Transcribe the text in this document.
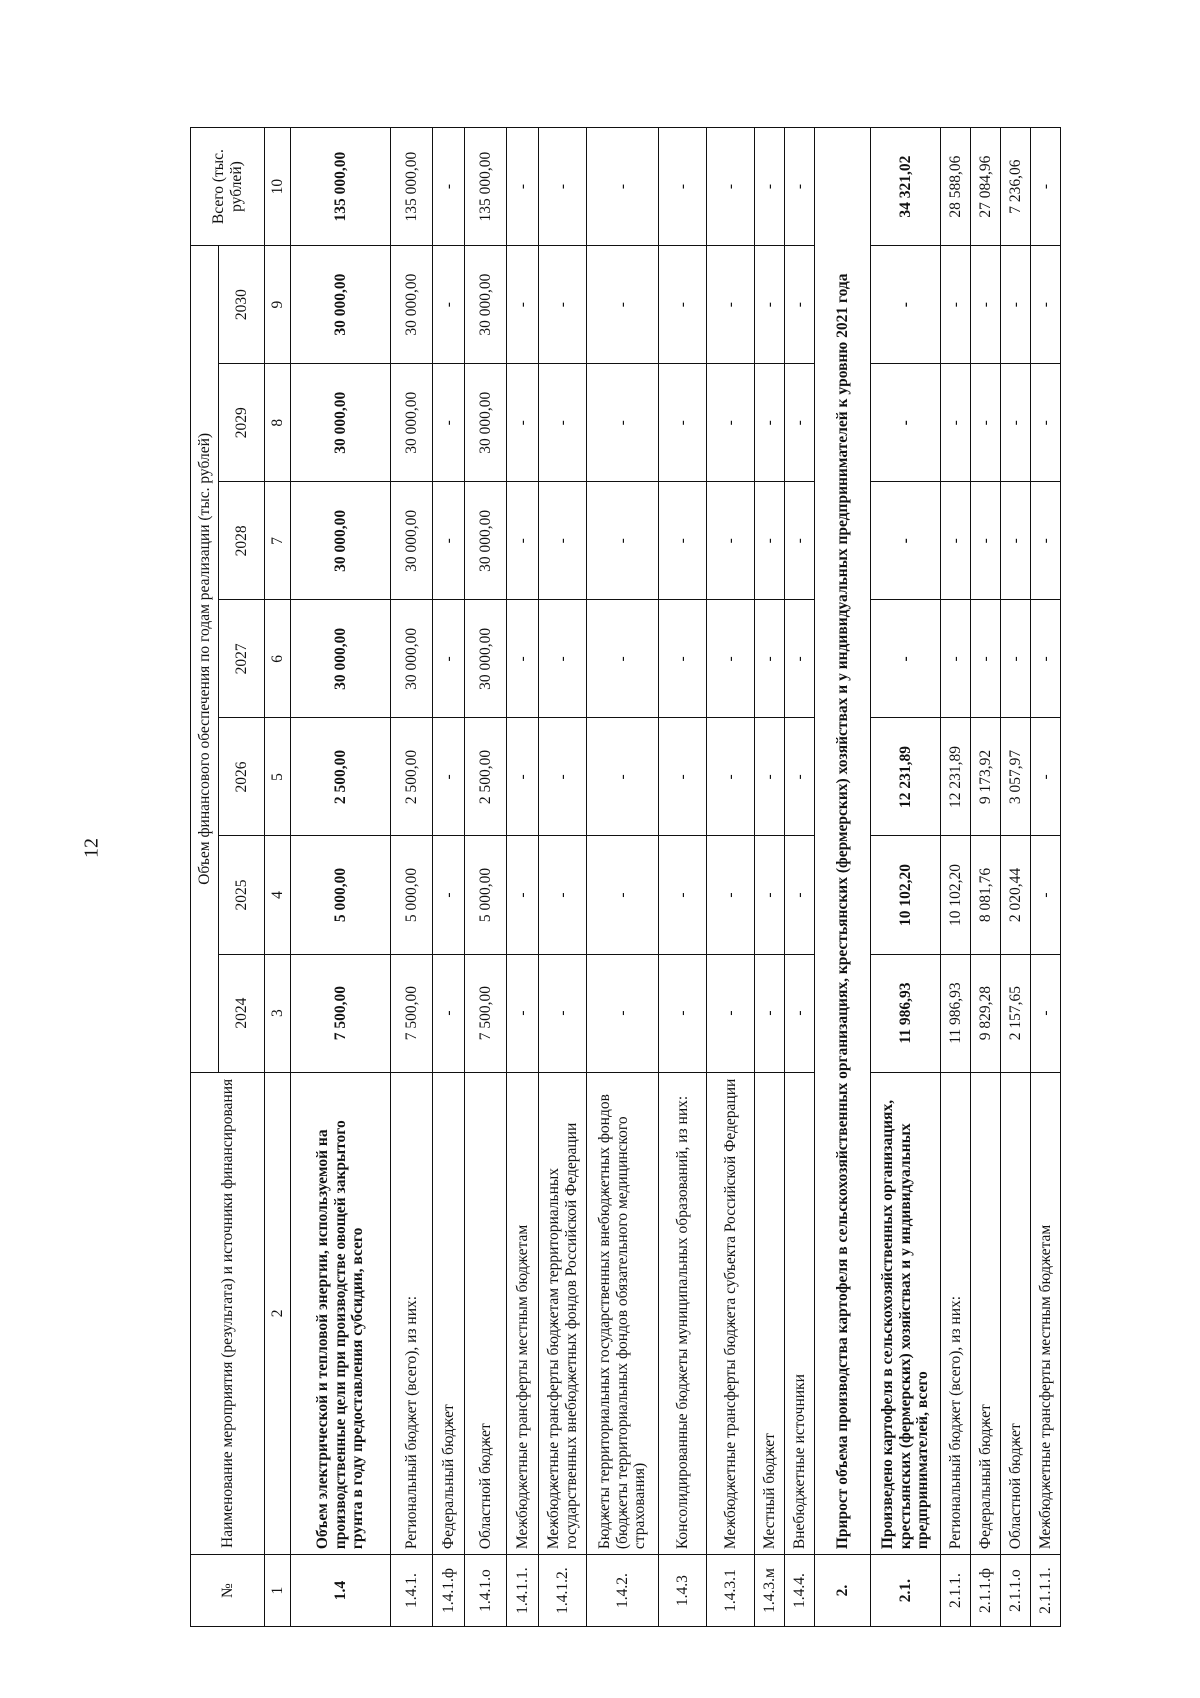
12
№	Наименование мероприятия (результата) и источники финансирования	Объем финансового обеспечения по годам реализации (тыс. рублей)							Всего (тыс. рублей)
		2024	2025	2026	2027	2028	2029	2030	
1	2	3	4	5	6	7	8	9	10
1.4	Объем электрической и тепловой энергии, используемой на производственные цели при производстве овощей закрытого грунта в году предоставления субсидии, всего	7 500,00	5 000,00	2 500,00	30 000,00	30 000,00	30 000,00	30 000,00	135 000,00
1.4.1.	Региональный бюджет (всего), из них:	7 500,00	5 000,00	2 500,00	30 000,00	30 000,00	30 000,00	30 000,00	135 000,00
1.4.1.ф	Федеральный бюджет	-	-	-	-	-	-	-	-
1.4.1.о	Областной бюджет	7 500,00	5 000,00	2 500,00	30 000,00	30 000,00	30 000,00	30 000,00	135 000,00
1.4.1.1.	Межбюджетные трансферты местным бюджетам	-	-	-	-	-	-	-	-
1.4.1.2.	Межбюджетные трансферты бюджетам территориальных государственных внебюджетных фондов Российской Федерации	-	-	-	-	-	-	-	-
1.4.2.	Бюджеты территориальных государственных внебюджетных фондов (бюджеты территориальных фондов обязательного медицинского страхования)	-	-	-	-	-	-	-	-
1.4.3	Консолидированные бюджеты муниципальных образований, из них:	-	-	-	-	-	-	-	-
1.4.3.1	Межбюджетные трансферты бюджета субъекта Российской Федерации	-	-	-	-	-	-	-	-
1.4.3.м	Местный бюджет	-	-	-	-	-	-	-	-
1.4.4.	Внебюджетные источники	-	-	-	-	-	-	-	-
2.	Прирост объема производства картофеля в сельскохозяйственных организациях, крестьянских (фермерских) хозяйствах и у индивидуальных предпринимателей к уровню 2021 года								
2.1.	Произведено картофеля в сельскохозяйственных организациях, крестьянских (фермерских) хозяйствах и у индивидуальных предпринимателей, всего	11 986,93	10 102,20	12 231,89	-	-	-	-	34 321,02
2.1.1.	Региональный бюджет (всего), из них:	11 986,93	10 102,20	12 231,89	-	-	-	-	28 588,06
2.1.1.ф	Федеральный бюджет	9 829,28	8 081,76	9 173,92	-	-	-	-	27 084,96
2.1.1.о	Областной бюджет	2 157,65	2 020,44	3 057,97	-	-	-	-	7 236,06
2.1.1.1.	Межбюджетные трансферты местным бюджетам	-	-	-	-	-	-	-	-
